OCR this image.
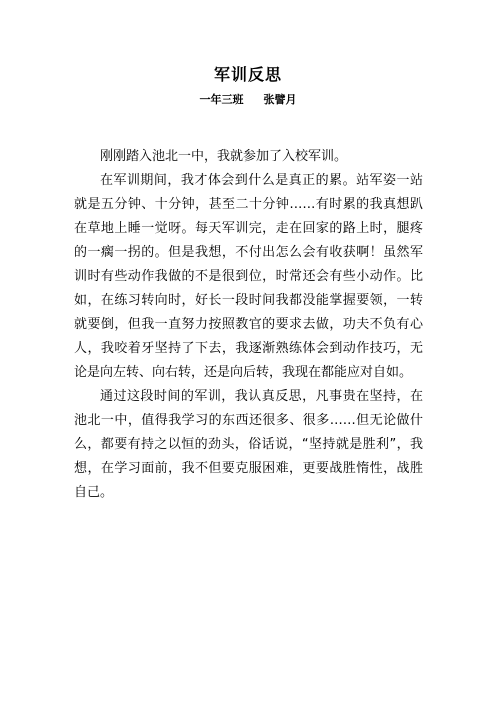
军训反思
一年三班 张譬月

刚刚踏入池北一中，我就参加了入校军训。

在军训期间，我才体会到什么是真正的累。站军姿一站就是五分钟、十分钟，甚至二十分钟……有时累的我真想趴在草地上睡一觉呀。每天军训完，走在回家的路上时，腿疼的一瘸一拐的。但是我想，不付出怎么会有收获啊！虽然军训时有些动作我做的不是很到位，时常还会有些小动作。比如，在练习转向时，好长一段时间我都没能掌握要领，一转就要倒，但我一直努力按照教官的要求去做，功夫不负有心人，我咬着牙坚持了下去，我逐渐熟练体会到动作技巧，无论是向左转、向右转，还是向后转，我现在都能应对自如。

通过这段时间的军训，我认真反思，凡事贵在坚持，在池北一中，值得我学习的东西还很多、很多……但无论做什么，都要有持之以恒的劲头，俗话说，“坚持就是胜利”，我想，在学习面前，我不但要克服困难，更要战胜惰性，战胜自己。
